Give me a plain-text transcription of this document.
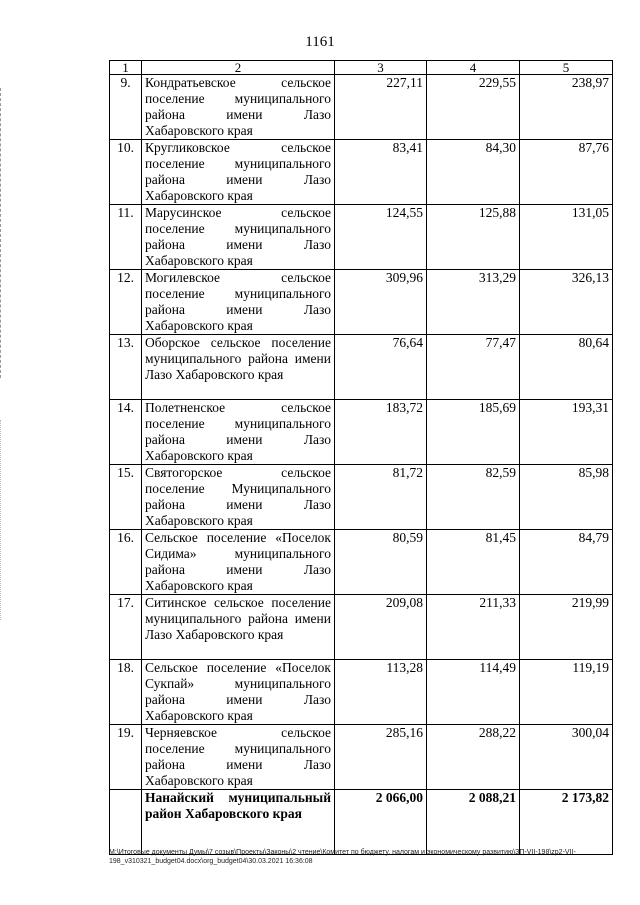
1161
1	2	3	4	5
9.	Кондратьевское сельское поселение муниципального района имени Лазо Хабаровского края	227,11	229,55	238,97
10.	Кругликовское сельское поселение муниципального района имени Лазо Хабаровского края	83,41	84,30	87,76
11.	Марусинское сельское поселение муниципального района имени Лазо Хабаровского края	124,55	125,88	131,05
12.	Могилевское сельское поселение муниципального района имени Лазо Хабаровского края	309,96	313,29	326,13
13.	Оборское сельское поселение муниципального района имени Лазо Хабаровского края	76,64	77,47	80,64
14.	Полетненское сельское поселение муниципального района имени Лазо Хабаровского края	183,72	185,69	193,31
15.	Святогорское сельское поселение Муниципального района имени Лазо Хабаровского края	81,72	82,59	85,98
16.	Сельское поселение «Поселок Сидима» муниципального района имени Лазо Хабаровского края	80,59	81,45	84,79
17.	Ситинское сельское поселение муниципального района имени Лазо Хабаровского края	209,08	211,33	219,99
18.	Сельское поселение «Поселок Сукпай» муниципального района имени Лазо Хабаровского края	113,28	114,49	119,19
19.	Черняевское сельское поселение муниципального района имени Лазо Хабаровского края	285,16	288,22	300,04
	Нанайский муниципальный район Хабаровского края	2 066,00	2 088,21	2 173,82
M:\Итоговые документы Думы\7 созыв\Проекты\Законы\2 чтение\Комитет по бюджету, налогам и экономическому развитию\ЗП-VII-198\zp2-VII-198_v310321_budget04.docx\org_budget04\30.03.2021 16:36:08
